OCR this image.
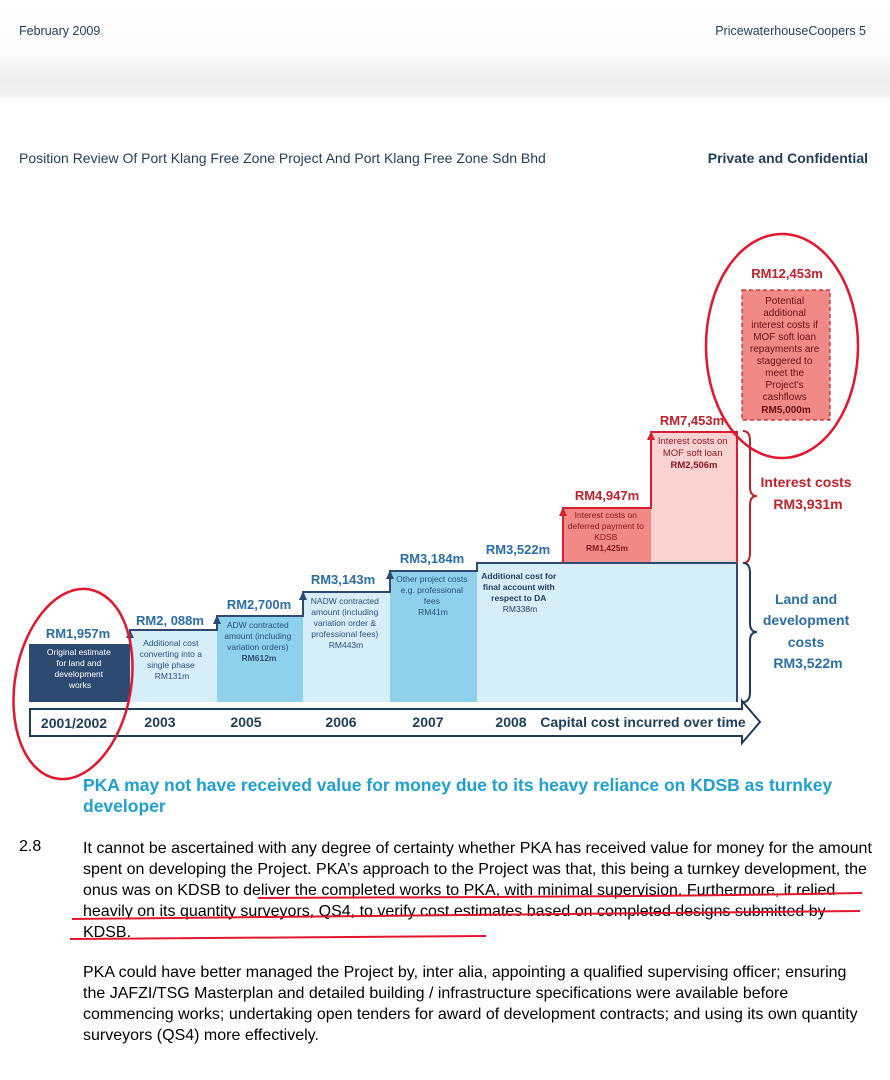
February 2009	PricewaterhouseCoopers 5
Position Review Of Port Klang Free Zone Project And Port Klang Free Zone Sdn Bhd	Private and Confidential
RM1,957m
RM2, 088m
RM2,700m
RM3,143m
RM3,184m
RM3,522m
RM4,947m
RM7,453m
RM12,453m
Original estimate for land and development works
Additional cost converting into a single phase RM131m
ADW contracted amount (including variation orders) RM612m
NADW contracted amount (including variation order & professional fees) RM443m
Other project costs e.g. professional fees RM41m
Additional cost for final account with respect to DA RM338m
Interest costs on deferred payment to KDSB RM1,425m
Interest costs on MOF soft loan RM2,506m
Potential additional interest costs if MOF soft loan repayments are staggered to meet the Project’s cashflows RM5,000m
2001/2002	2003	2005	2006	2007	2008 Capital cost incurred over time
Interest costs RM3,931m
Land and development costs RM3,522m
PKA may not have received value for money due to its heavy reliance on KDSB as turnkey developer
2.8	It cannot be ascertained with any degree of certainty whether PKA has received value for money for the amount spent on developing the Project. PKA’s approach to the Project was that, this being a turnkey development, the onus was on KDSB to deliver the completed works to PKA, with minimal supervision. Furthermore, it relied heavily on its quantity surveyors, QS4, to verify cost estimates based on completed designs submitted by KDSB.
PKA could have better managed the Project by, inter alia, appointing a qualified supervising officer; ensuring the JAFZI/TSG Masterplan and detailed building / infrastructure specifications were available before commencing works; undertaking open tenders for award of development contracts; and using its own quantity surveyors (QS4) more effectively.
